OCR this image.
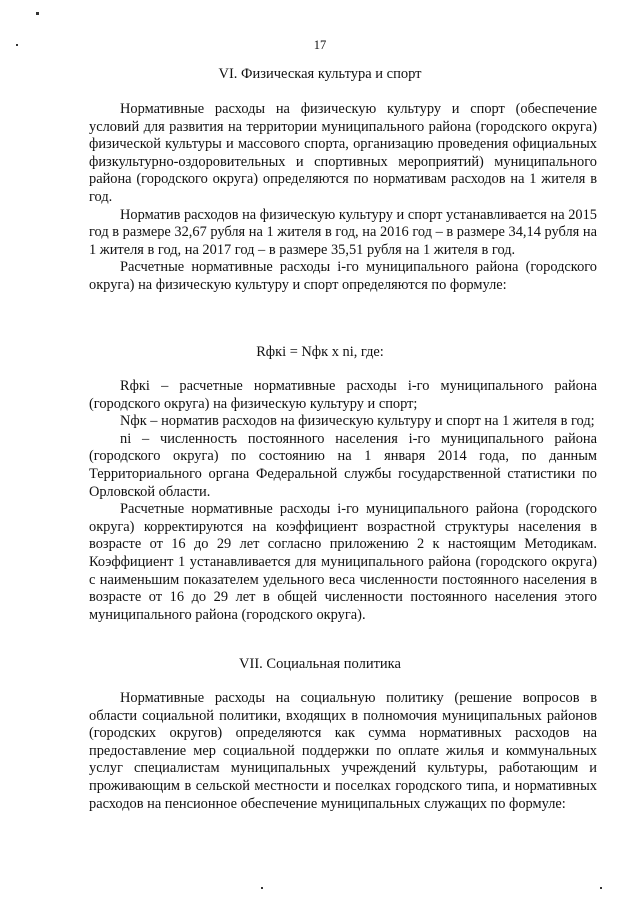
17
VI. Физическая культура и спорт

Нормативные расходы на физическую культуру и спорт (обеспечение условий для развития на территории муниципального района (городского округа) физической культуры и массового спорта, организацию проведения официальных физкультурно-оздоровительных и спортивных мероприятий) муниципального района (городского округа) определяются по нормативам расходов на 1 жителя в год.

Норматив расходов на физическую культуру и спорт устанавливается на 2015 год в размере 32,67 рубля на 1 жителя в год, на 2016 год – в размере 34,14 рубля на 1 жителя в год, на 2017 год – в размере 35,51 рубля на 1 жителя в год.

Расчетные нормативные расходы i-го муниципального района (городского округа) на физическую культуру и спорт определяются по формуле:

Rфкi = Nфк x ni, где:

Rфкi – расчетные нормативные расходы i-го муниципального района (городского округа) на физическую культуру и спорт;

Nфк – норматив расходов на физическую культуру и спорт на 1 жителя в год;

ni – численность постоянного населения i-го муниципального района (городского округа) по состоянию на 1 января 2014 года, по данным Территориального органа Федеральной службы государственной статистики по Орловской области.

Расчетные нормативные расходы i-го муниципального района (городского округа) корректируются на коэффициент возрастной структуры населения в возрасте от 16 до 29 лет согласно приложению 2 к настоящим Методикам. Коэффициент 1 устанавливается для муниципального района (городского округа) с наименьшим показателем удельного веса численности постоянного населения в возрасте от 16 до 29 лет в общей численности постоянного населения этого муниципального района (городского округа).

VII. Социальная политика

Нормативные расходы на социальную политику (решение вопросов в области социальной политики, входящих в полномочия муниципальных районов (городских округов) определяются как сумма нормативных расходов на предоставление мер социальной поддержки по оплате жилья и коммунальных услуг специалистам муниципальных учреждений культуры, работающим и проживающим в сельской местности и поселках городского типа, и нормативных расходов на пенсионное обеспечение муниципальных служащих по формуле:
